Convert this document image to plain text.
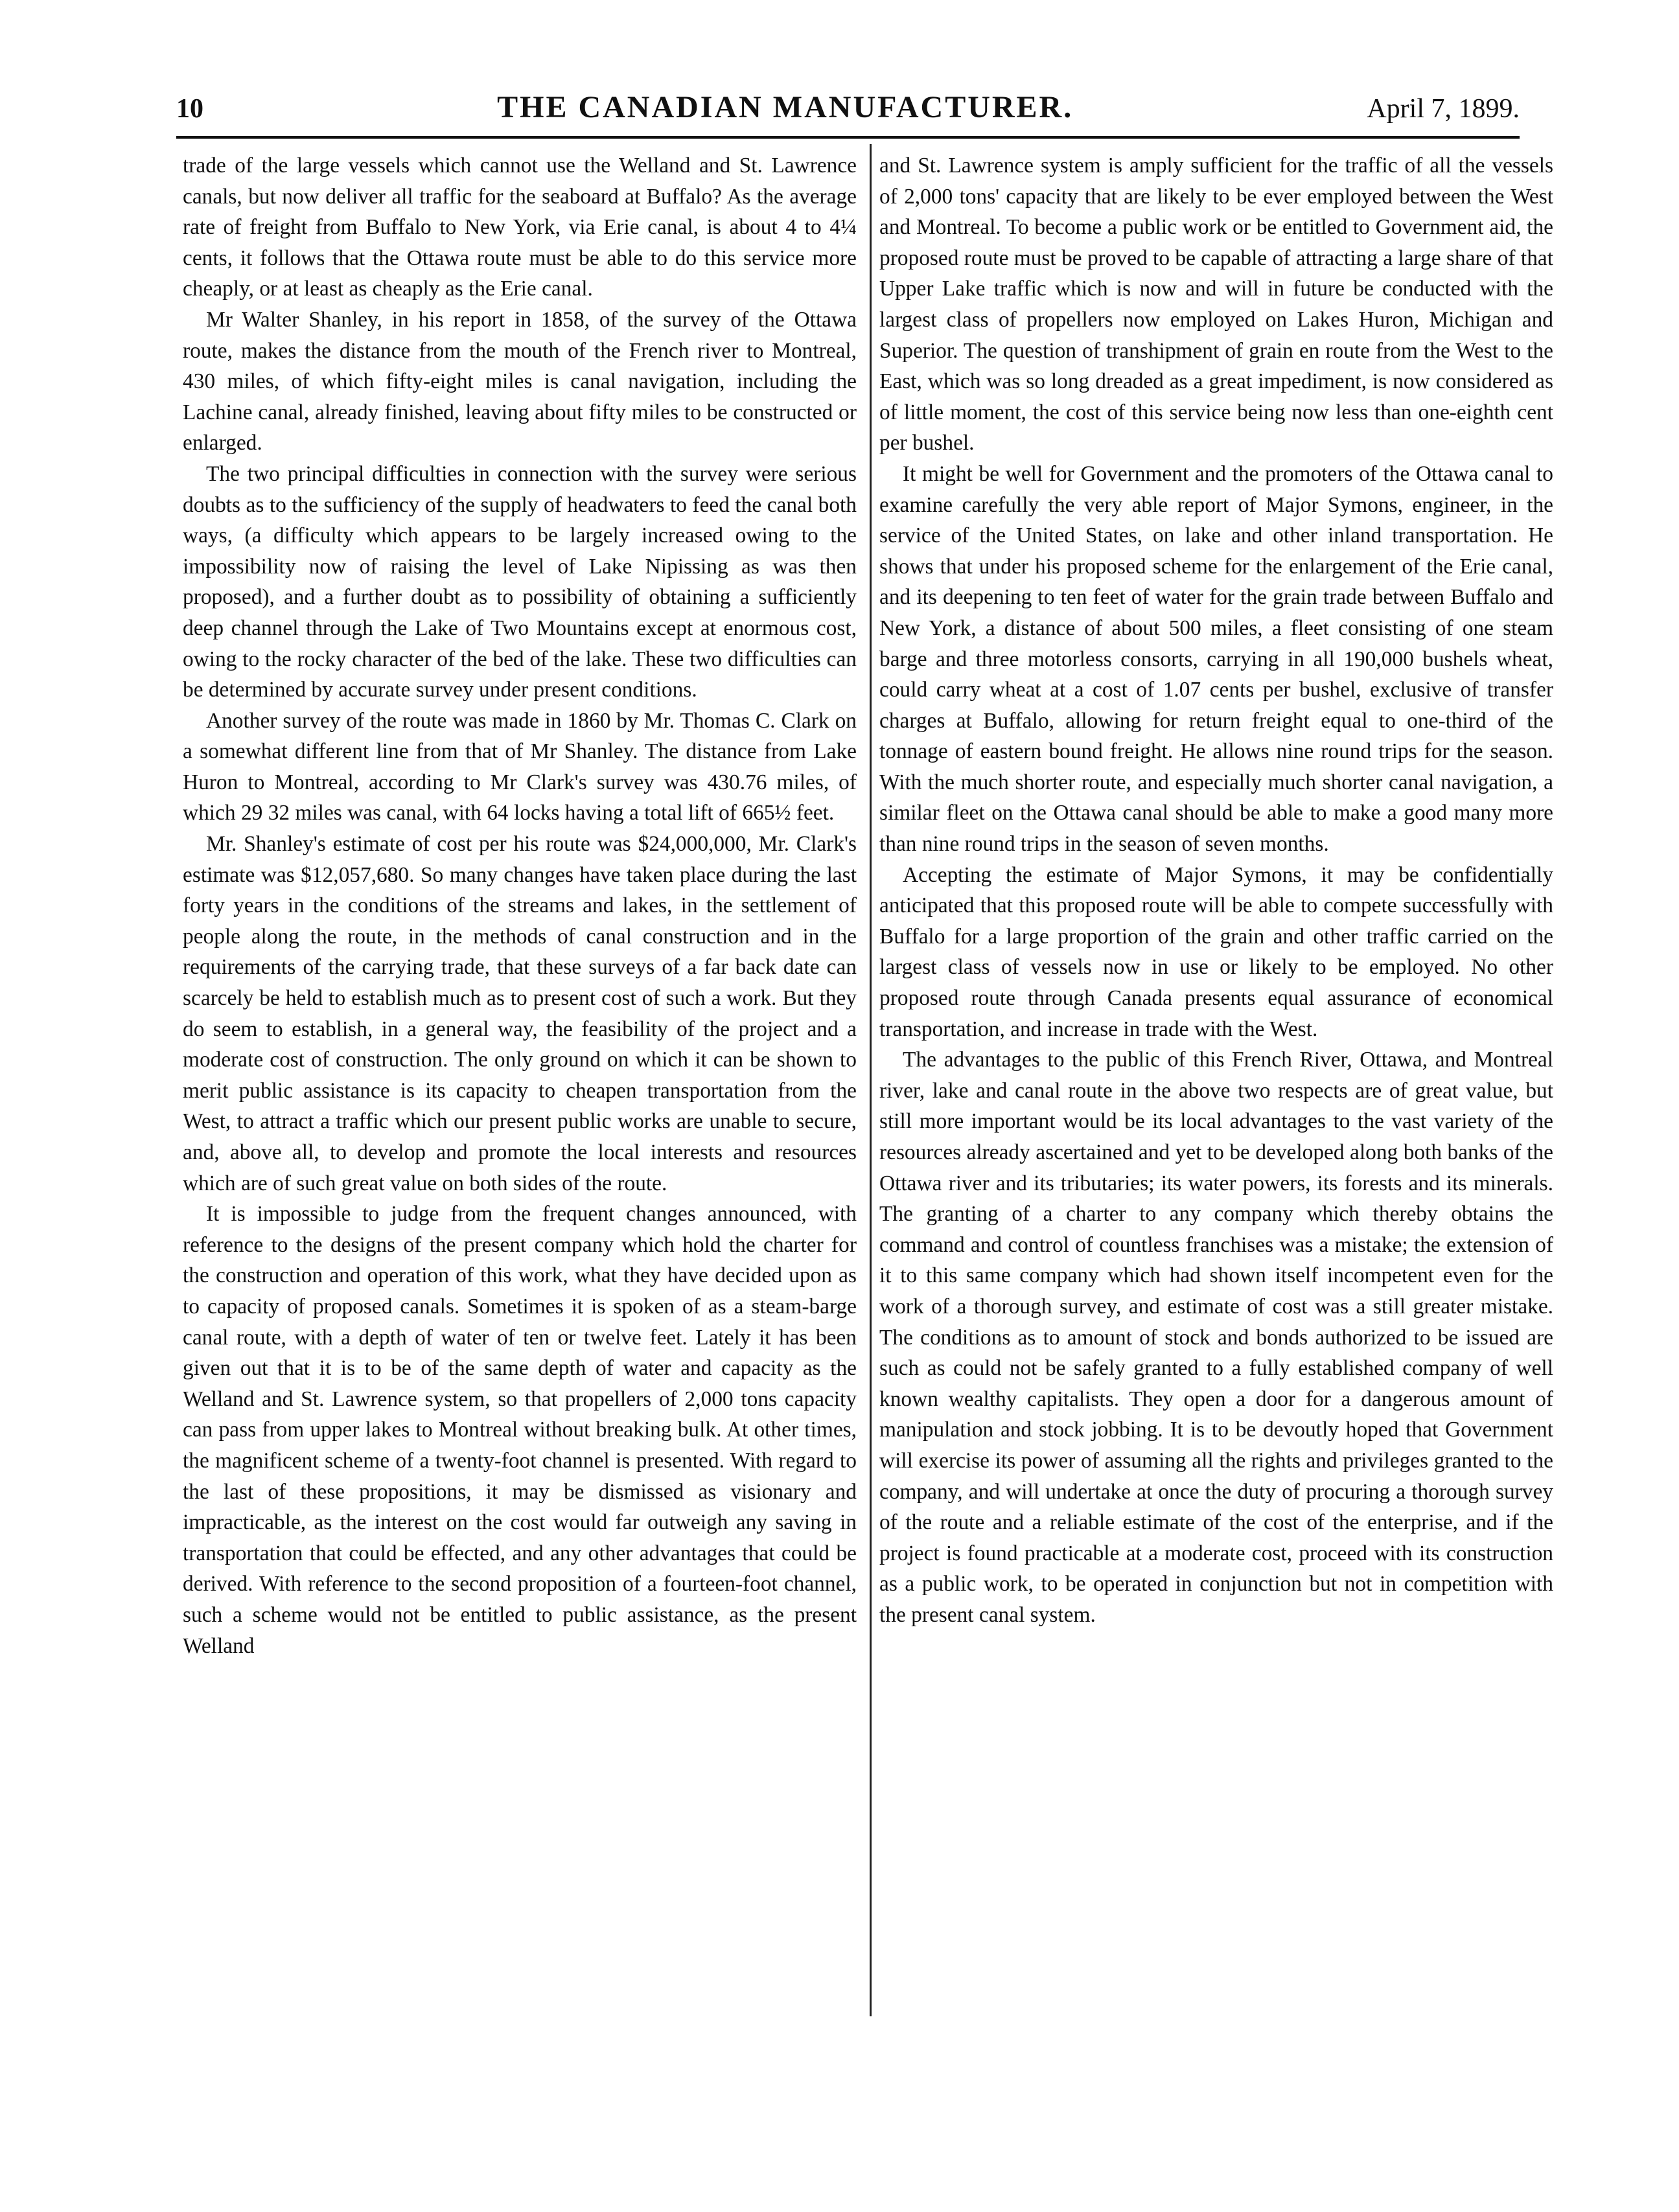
10	THE CANADIAN MANUFACTURER.	April 7, 1899.

trade of the large vessels which cannot use the Welland and St. Lawrence canals, but now deliver all traffic for the seaboard at Buffalo? As the average rate of freight from Buffalo to New York, via Erie canal, is about 4 to 4¼ cents, it follows that the Ottawa route must be able to do this service more cheaply, or at least as cheaply as the Erie canal.

Mr Walter Shanley, in his report in 1858, of the survey of the Ottawa route, makes the distance from the mouth of the French river to Montreal, 430 miles, of which fifty-eight miles is canal navigation, including the Lachine canal, already finished, leaving about fifty miles to be constructed or enlarged.

The two principal difficulties in connection with the survey were serious doubts as to the sufficiency of the supply of headwaters to feed the canal both ways, (a difficulty which appears to be largely increased owing to the impossibility now of raising the level of Lake Nipissing as was then proposed), and a further doubt as to possibility of obtaining a sufficiently deep channel through the Lake of Two Mountains except at enormous cost, owing to the rocky character of the bed of the lake. These two difficulties can be determined by accurate survey under present conditions.

Another survey of the route was made in 1860 by Mr. Thomas C. Clark on a somewhat different line from that of Mr Shanley. The distance from Lake Huron to Montreal, according to Mr Clark's survey was 430.76 miles, of which 29 32 miles was canal, with 64 locks having a total lift of 665½ feet.

Mr. Shanley's estimate of cost per his route was $24,000,000, Mr. Clark's estimate was $12,057,680. So many changes have taken place during the last forty years in the conditions of the streams and lakes, in the settlement of people along the route, in the methods of canal construction and in the requirements of the carrying trade, that these surveys of a far back date can scarcely be held to establish much as to present cost of such a work. But they do seem to establish, in a general way, the feasibility of the project and a moderate cost of construction. The only ground on which it can be shown to merit public assistance is its capacity to cheapen transportation from the West, to attract a traffic which our present public works are unable to secure, and, above all, to develop and promote the local interests and resources which are of such great value on both sides of the route.

It is impossible to judge from the frequent changes announced, with reference to the designs of the present company which hold the charter for the construction and operation of this work, what they have decided upon as to capacity of proposed canals. Sometimes it is spoken of as a steam-barge canal route, with a depth of water of ten or twelve feet. Lately it has been given out that it is to be of the same depth of water and capacity as the Welland and St. Lawrence system, so that propellers of 2,000 tons capacity can pass from upper lakes to Montreal without breaking bulk. At other times, the magnificent scheme of a twenty-foot channel is presented. With regard to the last of these propositions, it may be dismissed as visionary and impracticable, as the interest on the cost would far outweigh any saving in transportation that could be effected, and any other advantages that could be derived. With reference to the second proposition of a fourteen-foot channel, such a scheme would not be entitled to public assistance, as the present Welland

and St. Lawrence system is amply sufficient for the traffic of all the vessels of 2,000 tons' capacity that are likely to be ever employed between the West and Montreal. To become a public work or be entitled to Government aid, the proposed route must be proved to be capable of attracting a large share of that Upper Lake traffic which is now and will in future be conducted with the largest class of propellers now employed on Lakes Huron, Michigan and Superior. The question of transhipment of grain en route from the West to the East, which was so long dreaded as a great impediment, is now considered as of little moment, the cost of this service being now less than one-eighth cent per bushel.

It might be well for Government and the promoters of the Ottawa canal to examine carefully the very able report of Major Symons, engineer, in the service of the United States, on lake and other inland transportation. He shows that under his proposed scheme for the enlargement of the Erie canal, and its deepening to ten feet of water for the grain trade between Buffalo and New York, a distance of about 500 miles, a fleet consisting of one steam barge and three motorless consorts, carrying in all 190,000 bushels wheat, could carry wheat at a cost of 1.07 cents per bushel, exclusive of transfer charges at Buffalo, allowing for return freight equal to one-third of the tonnage of eastern bound freight. He allows nine round trips for the season. With the much shorter route, and especially much shorter canal navigation, a similar fleet on the Ottawa canal should be able to make a good many more than nine round trips in the season of seven months.

Accepting the estimate of Major Symons, it may be confidentially anticipated that this proposed route will be able to compete successfully with Buffalo for a large proportion of the grain and other traffic carried on the largest class of vessels now in use or likely to be employed. No other proposed route through Canada presents equal assurance of economical transportation, and increase in trade with the West.

The advantages to the public of this French River, Ottawa, and Montreal river, lake and canal route in the above two respects are of great value, but still more important would be its local advantages to the vast variety of the resources already ascertained and yet to be developed along both banks of the Ottawa river and its tributaries; its water powers, its forests and its minerals. The granting of a charter to any company which thereby obtains the command and control of countless franchises was a mistake; the extension of it to this same company which had shown itself incompetent even for the work of a thorough survey, and estimate of cost was a still greater mistake. The conditions as to amount of stock and bonds authorized to be issued are such as could not be safely granted to a fully established company of well known wealthy capitalists. They open a door for a dangerous amount of manipulation and stock jobbing. It is to be devoutly hoped that Government will exercise its power of assuming all the rights and privileges granted to the company, and will undertake at once the duty of procuring a thorough survey of the route and a reliable estimate of the cost of the enterprise, and if the project is found practicable at a moderate cost, proceed with its construction as a public work, to be operated in conjunction but not in competition with the present canal system.
